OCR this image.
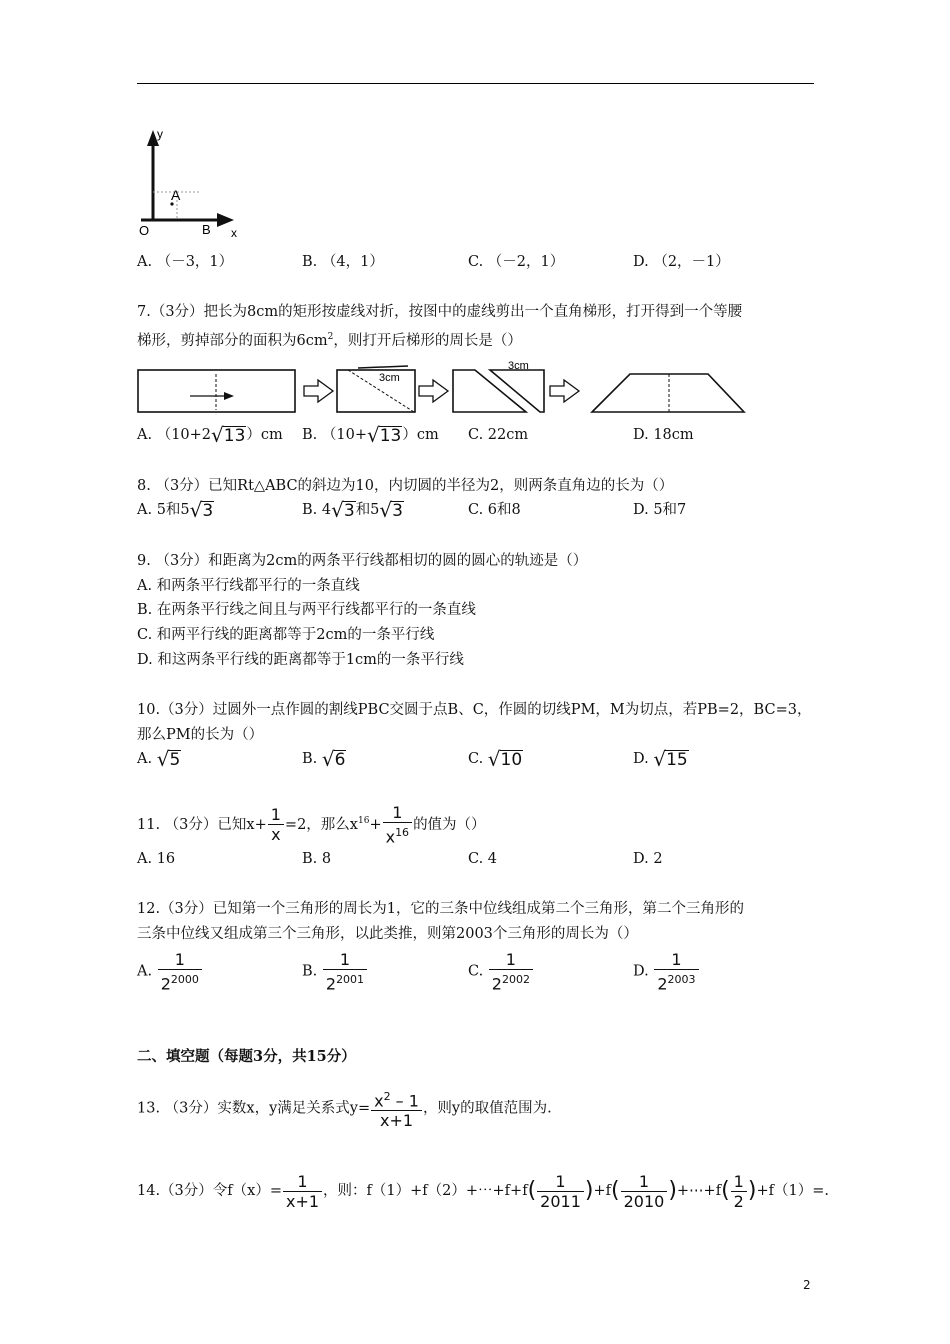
y
x
O	B
A
A. （－3，1）	B. （4，1）	C. （－2，1）	D. （2，－1）
7.（3分）把长为8cm的矩形按虚线对折，按图中的虚线剪出一个直角梯形，打开得到一个等腰
梯形，剪掉部分的面积为$6cm^2$，则打开后梯形的周长是（）
3cm
3cm
A. （10+2 √ 13 ）cm B. （10+ √ 13 ）cm C. 22cm	D. 18cm
8. （3分）已知Rt△ABC的斜边为10，内切圆的半径为2，则两条直角边的长为（）
A. 5和5 √ 3	B. 4 √ 3 和5 √ 3	C. 6和8	D. 5和7
9. （3分）和距离为2cm的两条平行线都相切的圆的圆心的轨迹是（）
A. 和两条平行线都平行的一条直线
B. 在两条平行线之间且与两平行线都平行的一条直线
C. 和两平行线的距离都等于2cm的一条平行线
D. 和这两条平行线的距离都等于1cm的一条平行线
10.（3分）过圆外一点作圆的割线PBC交圆于点B、C，作圆的切线PM，M为切点，若PB=2，BC=3，
那么PM的长为（）
A. √ 5	B. √ 6	C. √ 10	D. √ 15
11. （3分）已知$x+ \frac{1}{x} =2$，那么$x^{16}+ \frac{1}{x^{16}}$ 的值为（）
A. 16	B. 8	C. 4	D. 2
12.（3分）已知第一个三角形的周长为1，它的三条中位线组成第二个三角形，第二个三角形的
三条中位线又组成第三个三角形，以此类推，则第2003个三角形的周长为（）
A. $\frac{1}{2^{2000}}$	B. $\frac{1}{2^{2001}}$	C. $\frac{1}{2^{2002}}$	D. $\frac{1}{2^{2003}}$
二、填空题（每题3分，共15分）
13. （3分）实数x，y满足关系式$y= \frac{x^2 - 1}{x+1}$ ，则y的取值范围为.
14.（3分）令$f(x)= \frac{1}{x+1}$ ，则：f（1）+f（2）+⋯+f+f( $\frac{1}{2011} )+f( \frac{1}{2010}$ )+⋯+f( $\frac{1}{2} )+f(1)=$.
2
